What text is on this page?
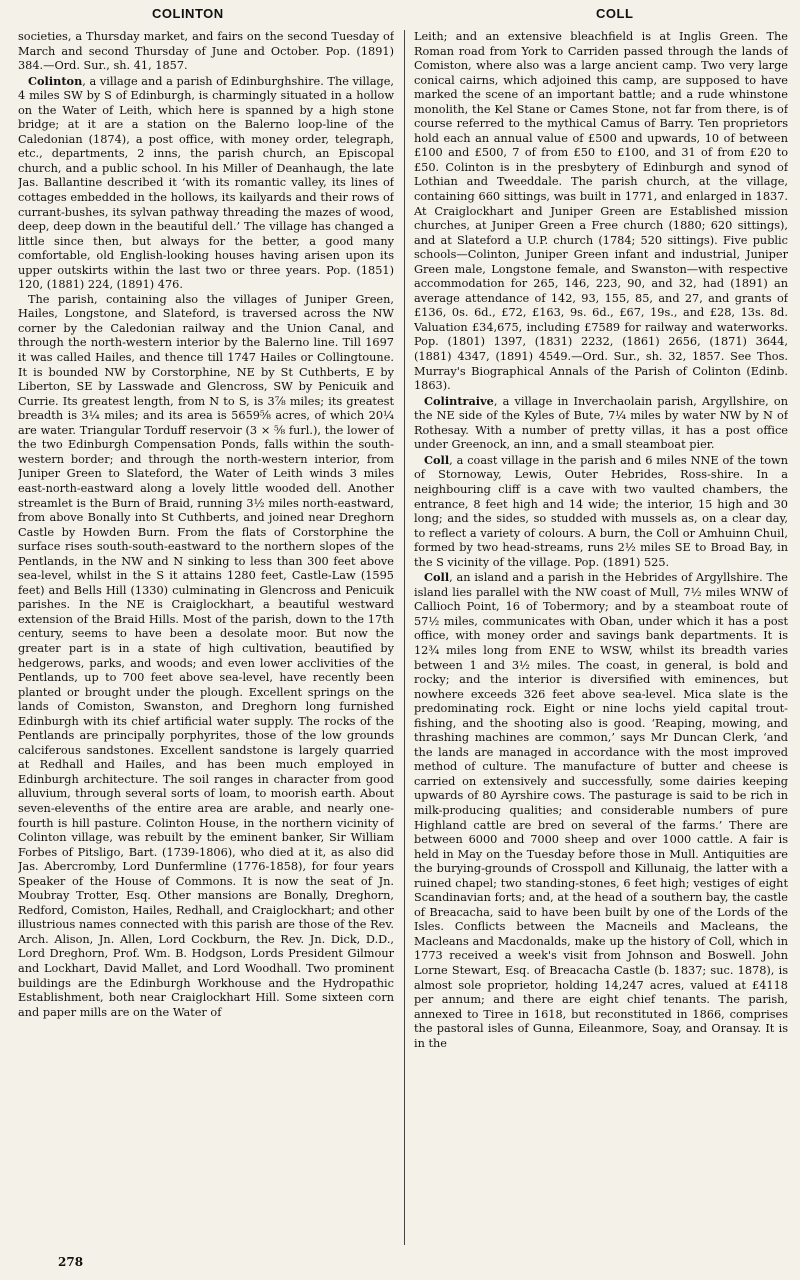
COLINTON	COLL

societies, a Thursday market, and fairs on the second Tuesday of March and second Thursday of June and October. Pop. (1891) 384.—Ord. Sur., sh. 41, 1857.

Colinton, a village and a parish of Edinburghshire. The village, 4 miles SW by S of Edinburgh, is charmingly situated in a hollow on the Water of Leith, which here is spanned by a high stone bridge; at it are a station on the Balerno loop-line of the Caledonian (1874), a post office, with money order, telegraph, etc., departments, 2 inns, the parish church, an Episcopal church, and a public school. In his Miller of Deanhaugh, the late Jas. Ballantine described it ‘with its romantic valley, its lines of cottages embedded in the hollows, its kailyards and their rows of currant-bushes, its sylvan pathway threading the mazes of wood, deep, deep down in the beautiful dell.’ The village has changed a little since then, but always for the better, a good many comfortable, old English-looking houses having arisen upon its upper outskirts within the last two or three years. Pop. (1851) 120, (1881) 224, (1891) 476.

The parish, containing also the villages of Juniper Green, Hailes, Longstone, and Slateford, is traversed across the NW corner by the Caledonian railway and the Union Canal, and through the north-western interior by the Balerno line. Till 1697 it was called Hailes, and thence till 1747 Hailes or Collingtoune. It is bounded NW by Corstorphine, NE by St Cuthberts, E by Liberton, SE by Lasswade and Glencross, SW by Penicuik and Currie. Its greatest length, from N to S, is 3⅞ miles; its greatest breadth is 3¼ miles; and its area is 5659⅝ acres, of which 20¼ are water. Triangular Torduff reservoir (3 × ⅝ furl.), the lower of the two Edinburgh Compensation Ponds, falls within the south-western border; and through the north-western interior, from Juniper Green to Slateford, the Water of Leith winds 3 miles east-north-eastward along a lovely little wooded dell. Another streamlet is the Burn of Braid, running 3½ miles north-eastward, from above Bonally into St Cuthberts, and joined near Dreghorn Castle by Howden Burn. From the flats of Corstorphine the surface rises south-south-eastward to the northern slopes of the Pentlands, in the NW and N sinking to less than 300 feet above sea-level, whilst in the S it attains 1280 feet, Castle-Law (1595 feet) and Bells Hill (1330) culminating in Glencross and Penicuik parishes. In the NE is Craiglockhart, a beautiful westward extension of the Braid Hills. Most of the parish, down to the 17th century, seems to have been a desolate moor. But now the greater part is in a state of high cultivation, beautified by hedgerows, parks, and woods; and even lower acclivities of the Pentlands, up to 700 feet above sea-level, have recently been planted or brought under the plough. Excellent springs on the lands of Comiston, Swanston, and Dreghorn long furnished Edinburgh with its chief artificial water supply. The rocks of the Pentlands are principally porphyrites, those of the low grounds calciferous sandstones. Excellent sandstone is largely quarried at Redhall and Hailes, and has been much employed in Edinburgh architecture. The soil ranges in character from good alluvium, through several sorts of loam, to moorish earth. About seven-elevenths of the entire area are arable, and nearly one-fourth is hill pasture. Colinton House, in the northern vicinity of Colinton village, was rebuilt by the eminent banker, Sir William Forbes of Pitsligo, Bart. (1739-1806), who died at it, as also did Jas. Abercromby, Lord Dunfermline (1776-1858), for four years Speaker of the House of Commons. It is now the seat of Jn. Moubray Trotter, Esq. Other mansions are Bonally, Dreghorn, Redford, Comiston, Hailes, Redhall, and Craiglockhart; and other illustrious names connected with this parish are those of the Rev. Arch. Alison, Jn. Allen, Lord Cockburn, the Rev. Jn. Dick, D.D., Lord Dreghorn, Prof. Wm. B. Hodgson, Lords President Gilmour and Lockhart, David Mallet, and Lord Woodhall. Two prominent buildings are the Edinburgh Workhouse and the Hydropathic Establishment, both near Craiglockhart Hill. Some sixteen corn and paper mills are on the Water of

Leith; and an extensive bleachfield is at Inglis Green. The Roman road from York to Carriden passed through the lands of Comiston, where also was a large ancient camp. Two very large conical cairns, which adjoined this camp, are supposed to have marked the scene of an important battle; and a rude whinstone monolith, the Kel Stane or Cames Stone, not far from there, is of course referred to the mythical Camus of Barry. Ten proprietors hold each an annual value of £500 and upwards, 10 of between £100 and £500, 7 of from £50 to £100, and 31 of from £20 to £50. Colinton is in the presbytery of Edinburgh and synod of Lothian and Tweeddale. The parish church, at the village, containing 660 sittings, was built in 1771, and enlarged in 1837. At Craiglockhart and Juniper Green are Established mission churches, at Juniper Green a Free church (1880; 620 sittings), and at Slateford a U.P. church (1784; 520 sittings). Five public schools—Colinton, Juniper Green infant and industrial, Juniper Green male, Longstone female, and Swanston—with respective accommodation for 265, 146, 223, 90, and 32, had (1891) an average attendance of 142, 93, 155, 85, and 27, and grants of £136, 0s. 6d., £72, £163, 9s. 6d., £67, 19s., and £28, 13s. 8d. Valuation £34,675, including £7589 for railway and waterworks. Pop. (1801) 1397, (1831) 2232, (1861) 2656, (1871) 3644, (1881) 4347, (1891) 4549.—Ord. Sur., sh. 32, 1857. See Thos. Murray's Biographical Annals of the Parish of Colinton (Edinb. 1863).

Colintraive, a village in Inverchaolain parish, Argyllshire, on the NE side of the Kyles of Bute, 7¼ miles by water NW by N of Rothesay. With a number of pretty villas, it has a post office under Greenock, an inn, and a small steamboat pier.

Coll, a coast village in the parish and 6 miles NNE of the town of Stornoway, Lewis, Outer Hebrides, Ross-shire. In a neighbouring cliff is a cave with two vaulted chambers, the entrance, 8 feet high and 14 wide; the interior, 15 high and 30 long; and the sides, so studded with mussels as, on a clear day, to reflect a variety of colours. A burn, the Coll or Amhuinn Chuil, formed by two head-streams, runs 2½ miles SE to Broad Bay, in the S vicinity of the village. Pop. (1891) 525.

Coll, an island and a parish in the Hebrides of Argyllshire. The island lies parallel with the NW coast of Mull, 7½ miles WNW of Callioch Point, 16 of Tobermory; and by a steamboat route of 57½ miles, communicates with Oban, under which it has a post office, with money order and savings bank departments. It is 12¾ miles long from ENE to WSW, whilst its breadth varies between 1 and 3½ miles. The coast, in general, is bold and rocky; and the interior is diversified with eminences, but nowhere exceeds 326 feet above sea-level. Mica slate is the predominating rock. Eight or nine lochs yield capital trout-fishing, and the shooting also is good. ‘Reaping, mowing, and thrashing machines are common,’ says Mr Duncan Clerk, ‘and the lands are managed in accordance with the most improved method of culture. The manufacture of butter and cheese is carried on extensively and successfully, some dairies keeping upwards of 80 Ayrshire cows. The pasturage is said to be rich in milk-producing qualities; and considerable numbers of pure Highland cattle are bred on several of the farms.’ There are between 6000 and 7000 sheep and over 1000 cattle. A fair is held in May on the Tuesday before those in Mull. Antiquities are the burying-grounds of Crosspoll and Killunaig, the latter with a ruined chapel; two standing-stones, 6 feet high; vestiges of eight Scandinavian forts; and, at the head of a southern bay, the castle of Breacacha, said to have been built by one of the Lords of the Isles. Conflicts between the Macneils and Macleans, the Macleans and Macdonalds, make up the history of Coll, which in 1773 received a week's visit from Johnson and Boswell. John Lorne Stewart, Esq. of Breacacha Castle (b. 1837; suc. 1878), is almost sole proprietor, holding 14,247 acres, valued at £4118 per annum; and there are eight chief tenants. The parish, annexed to Tiree in 1618, but reconstituted in 1866, comprises the pastoral isles of Gunna, Eileanmore, Soay, and Oransay. It is in the

278
